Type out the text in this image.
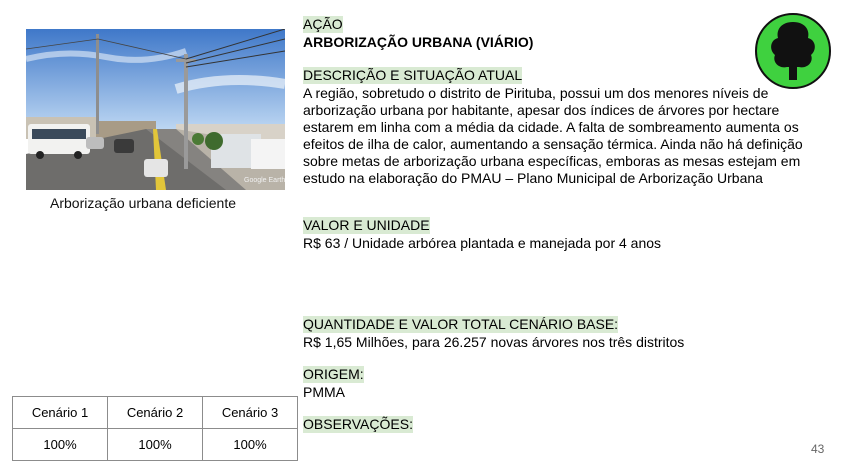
Google Earth
Arborização urbana deficiente
AÇÃO
ARBORIZAÇÃO URBANA (VIÁRIO)
DESCRIÇÃO E SITUAÇÃO ATUAL

A região, sobretudo o distrito de Pirituba, possui um dos menores níveis de arborização urbana por habitante, apesar dos índices de árvores por hectare estarem em linha com a média da cidade. A falta de sombreamento aumenta os efeitos de ilha de calor, aumentando a sensação térmica. Ainda não há definição sobre metas de arborização urbana específicas, emboras as mesas estejam em estudo na elaboração do PMAU – Plano Municipal de Arborização Urbana

VALOR E UNIDADE

R$ 63 / Unidade arbórea plantada e manejada por 4 anos

QUANTIDADE E VALOR TOTAL CENÁRIO BASE:

R$ 1,65 Milhões, para 26.257 novas árvores nos três distritos

ORIGEM:

PMMA

OBSERVAÇÕES:
Cenário 1	Cenário 2	Cenário 3
100%	100%	100%	43
